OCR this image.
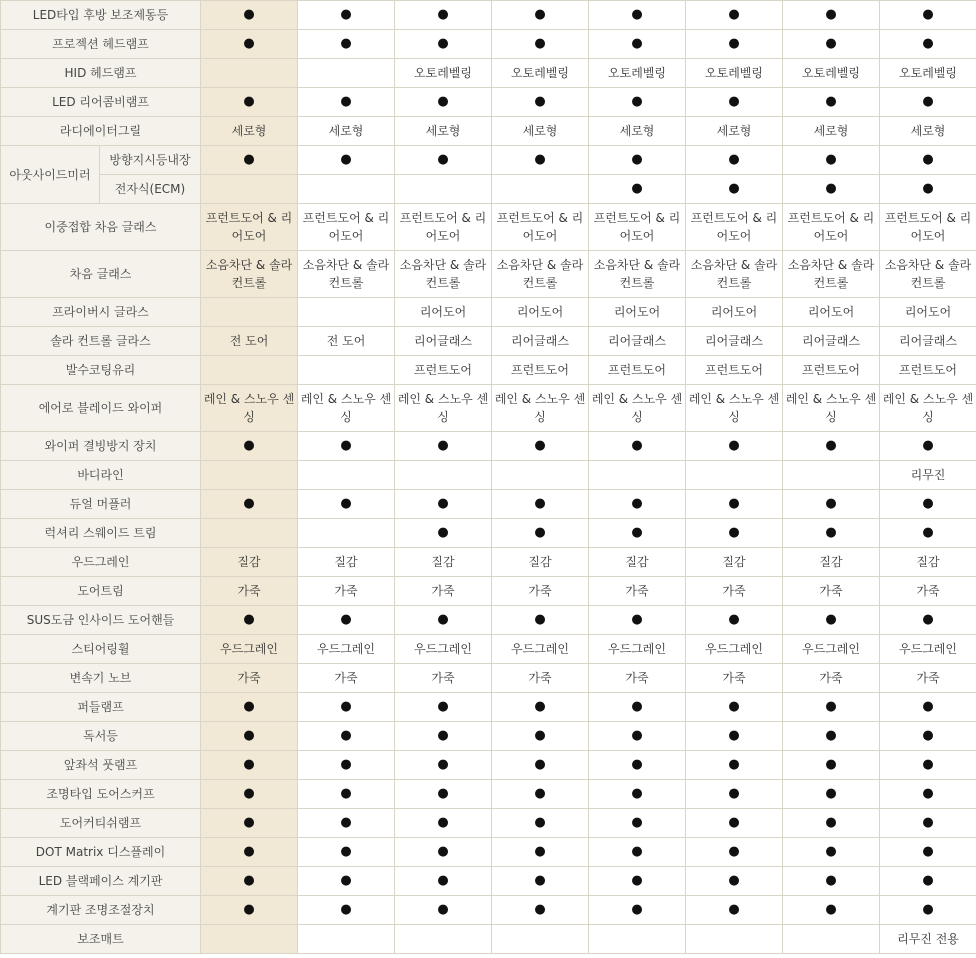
LED타입 후방 보조제동등		●	●	●	●	●	●	●	●
프로젝션 헤드램프		●	●	●	●	●	●	●	●
HID 헤드램프				오토레벨링	오토레벨링	오토레벨링	오토레벨링	오토레벨링	오토레벨링
LED 리어콤비램프		●	●	●	●	●	●	●	●
라디에이터그릴		세로형	세로형	세로형	세로형	세로형	세로형	세로형	세로형
아웃사이드미러	방향지시등내장	●	●	●	●	●	●	●	●
	전자식(ECM)					●	●	●	●
이중접합 차음 글래스		프런트도어 & 리어도어	프런트도어 & 리어도어	프런트도어 & 리어도어	프런트도어 & 리어도어	프런트도어 & 리어도어	프런트도어 & 리어도어	프런트도어 & 리어도어	프런트도어 & 리어도어
차음 글래스		소음차단 & 솔라컨트롤	소음차단 & 솔라컨트롤	소음차단 & 솔라컨트롤	소음차단 & 솔라컨트롤	소음차단 & 솔라컨트롤	소음차단 & 솔라컨트롤	소음차단 & 솔라컨트롤	소음차단 & 솔라컨트롤
프라이버시 글라스				리어도어	리어도어	리어도어	리어도어	리어도어	리어도어
솔라 컨트롤 글라스		전 도어	전 도어	리어글래스	리어글래스	리어글래스	리어글래스	리어글래스	리어글래스
발수코팅유리				프런트도어	프런트도어	프런트도어	프런트도어	프런트도어	프런트도어
에어로 블레이드 와이퍼		레인 & 스노우 센싱	레인 & 스노우 센싱	레인 & 스노우 센싱	레인 & 스노우 센싱	레인 & 스노우 센싱	레인 & 스노우 센싱	레인 & 스노우 센싱	레인 & 스노우 센싱
와이퍼 결빙방지 장치		●	●	●	●	●	●	●	●
바디라인									리무진
듀얼 머플러		●	●	●	●	●	●	●	●
럭셔리 스웨이드 트림				●	●	●	●	●	●
우드그레인		질감	질감	질감	질감	질감	질감	질감	질감
도어트림		가죽	가죽	가죽	가죽	가죽	가죽	가죽	가죽
SUS도금 인사이드 도어핸들		●	●	●	●	●	●	●	●
스티어링휠		우드그레인	우드그레인	우드그레인	우드그레인	우드그레인	우드그레인	우드그레인	우드그레인
변속기 노브		가죽	가죽	가죽	가죽	가죽	가죽	가죽	가죽
퍼들램프		●	●	●	●	●	●	●	●
독서등		●	●	●	●	●	●	●	●
앞좌석 풋램프		●	●	●	●	●	●	●	●
조명타입 도어스커프		●	●	●	●	●	●	●	●
도어커티쉬램프		●	●	●	●	●	●	●	●
DOT Matrix 디스플레이		●	●	●	●	●	●	●	●
LED 블랙페이스 계기판		●	●	●	●	●	●	●	●
계기판 조명조절장치		●	●	●	●	●	●	●	●
보조매트									리무진 전용
